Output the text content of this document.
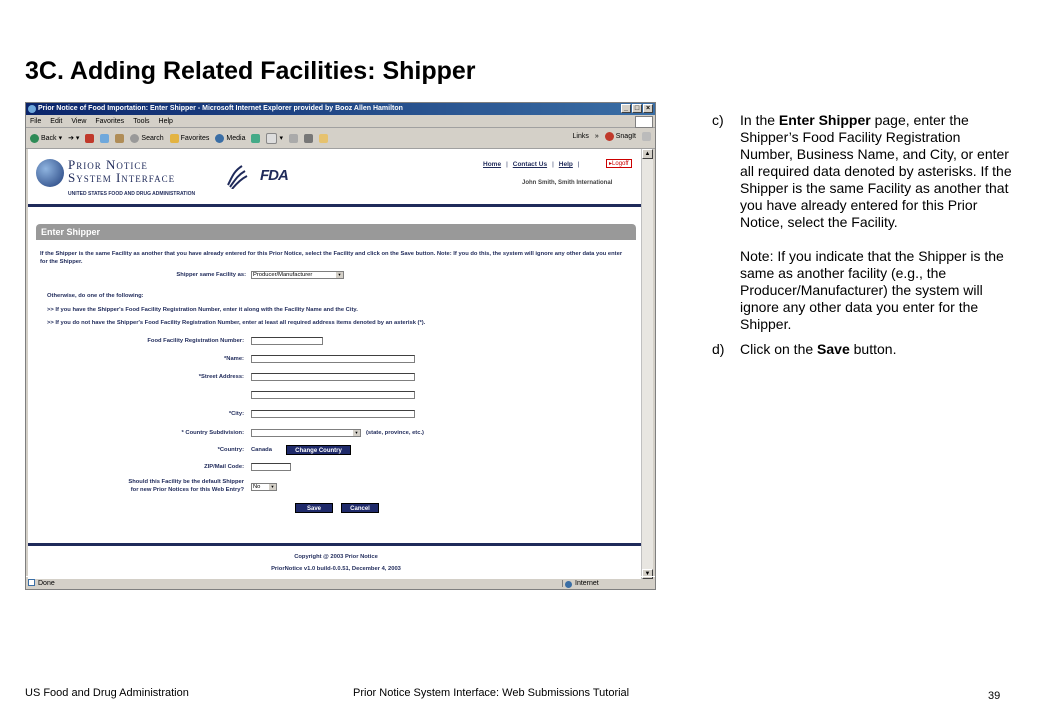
3C. Adding Related Facilities: Shipper
Prior Notice of Food Importation: Enter Shipper - Microsoft Internet Explorer provided by Booz Allen Hamilton	_ □ ×
File Edit View Favorites Tools Help
Back ▾ ➔ ▾	Search Favorites Media	▾	Links » SnagIt
Prior Notice
System Interface
UNITED STATES FOOD AND DRUG ADMINISTRATION
FDA
Home | Contact Us | Help |	▸Logoff
John Smith, Smith International
Enter Shipper
If the Shipper is the same Facility as another that you have already entered for this Prior Notice, select the Facility and click on the Save button. Note: If you do this, the system will ignore any other data you enter for the Shipper.
Shipper same Facility as:	Producer/Manufacturer	▼
Otherwise, do one of the following:
>> If you have the Shipper's Food Facility Registration Number, enter it along with the Facility Name and the City.
>> If you do not have the Shipper's Food Facility Registration Number, enter at least all required address items denoted by an asterisk (*).
Food Facility Registration Number:
*Name:
*Street Address:
*City:
* Country Subdivision:	▼ (state, province, etc.)
*Country: Canada	Change Country
ZIP/Mail Code:
Should this Facility be the default Shipper
for new Prior Notices for this Web Entry?	No	▼
Save	Cancel
Copyright @ 2003 Prior Notice
PriorNotice v1.0 build-0.0.51, December 4, 2003
▲
▼
Done	Internet
c) In the Enter Shipper page, enter the Shipper’s Food Facility Registration Number, Business Name, and City, or enter all required data denoted by asterisks. If the Shipper is the same Facility as another that you have already entered for this Prior Notice, select the Facility.
Note: If you indicate that the Shipper is the same as another facility (e.g., the Producer/Manufacturer) the system will ignore any other data you enter for the Shipper.
d) Click on the Save button.
US Food and Drug Administration	Prior Notice System Interface: Web Submissions Tutorial	39
